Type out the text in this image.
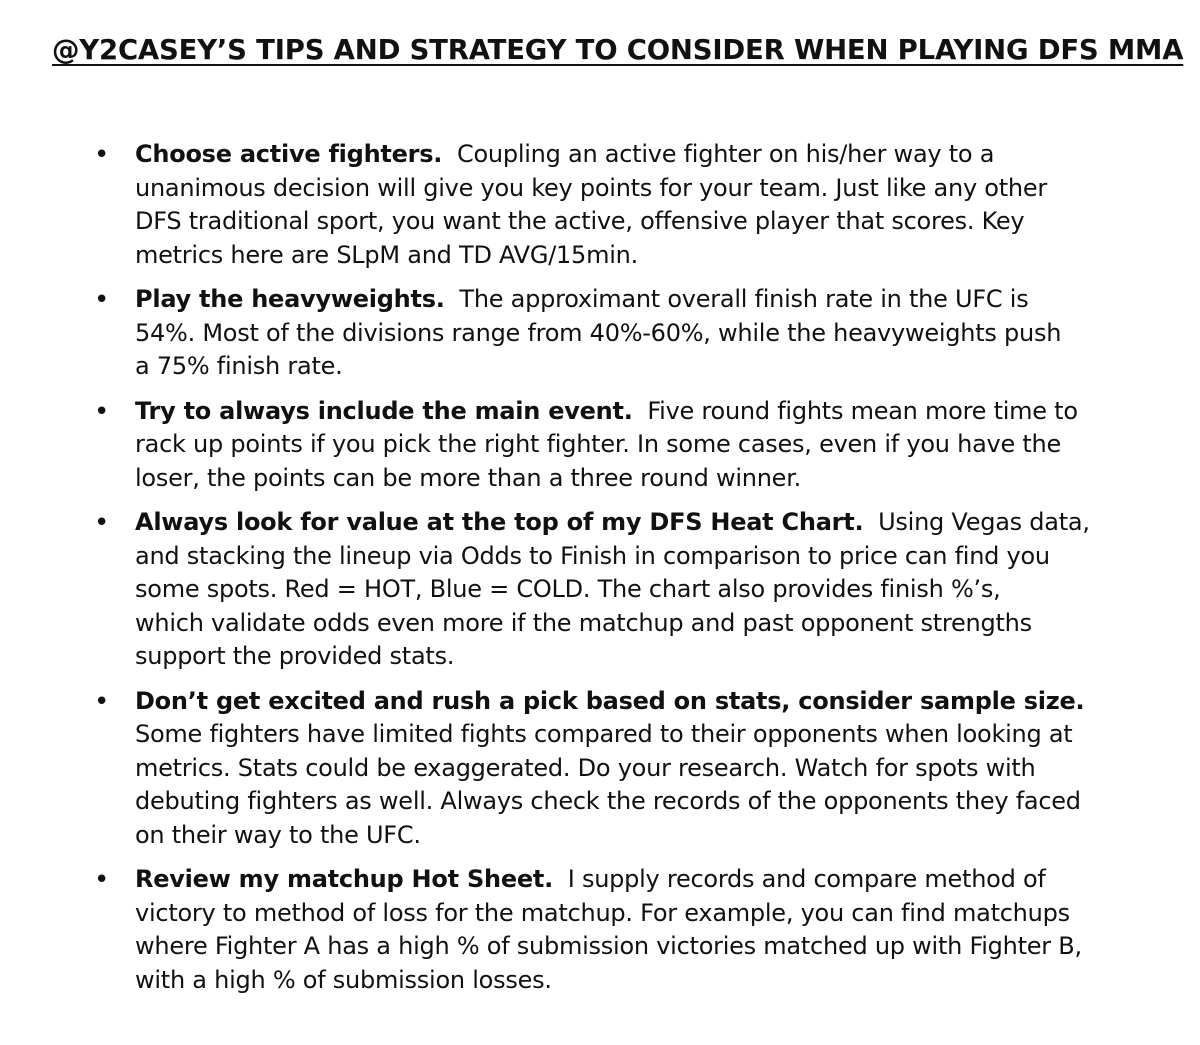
@Y2CASEY’S TIPS AND STRATEGY TO CONSIDER WHEN PLAYING DFS MMA
• Choose active fighters. Coupling an active fighter on his/her way to a
unanimous decision will give you key points for your team. Just like any other
DFS traditional sport, you want the active, offensive player that scores. Key
metrics here are SLpM and TD AVG/15min.
• Play the heavyweights. The approximant overall finish rate in the UFC is
54%. Most of the divisions range from 40%-60%, while the heavyweights push
a 75% finish rate.
• Try to always include the main event. Five round fights mean more time to
rack up points if you pick the right fighter. In some cases, even if you have the
loser, the points can be more than a three round winner.
• Always look for value at the top of my DFS Heat Chart. Using Vegas data,
and stacking the lineup via Odds to Finish in comparison to price can find you
some spots. Red = HOT, Blue = COLD. The chart also provides finish %’s,
which validate odds even more if the matchup and past opponent strengths
support the provided stats.
• Don’t get excited and rush a pick based on stats, consider sample size.
Some fighters have limited fights compared to their opponents when looking at
metrics. Stats could be exaggerated. Do your research. Watch for spots with
debuting fighters as well. Always check the records of the opponents they faced
on their way to the UFC.
• Review my matchup Hot Sheet. I supply records and compare method of
victory to method of loss for the matchup. For example, you can find matchups
where Fighter A has a high % of submission victories matched up with Fighter B,
with a high % of submission losses.
